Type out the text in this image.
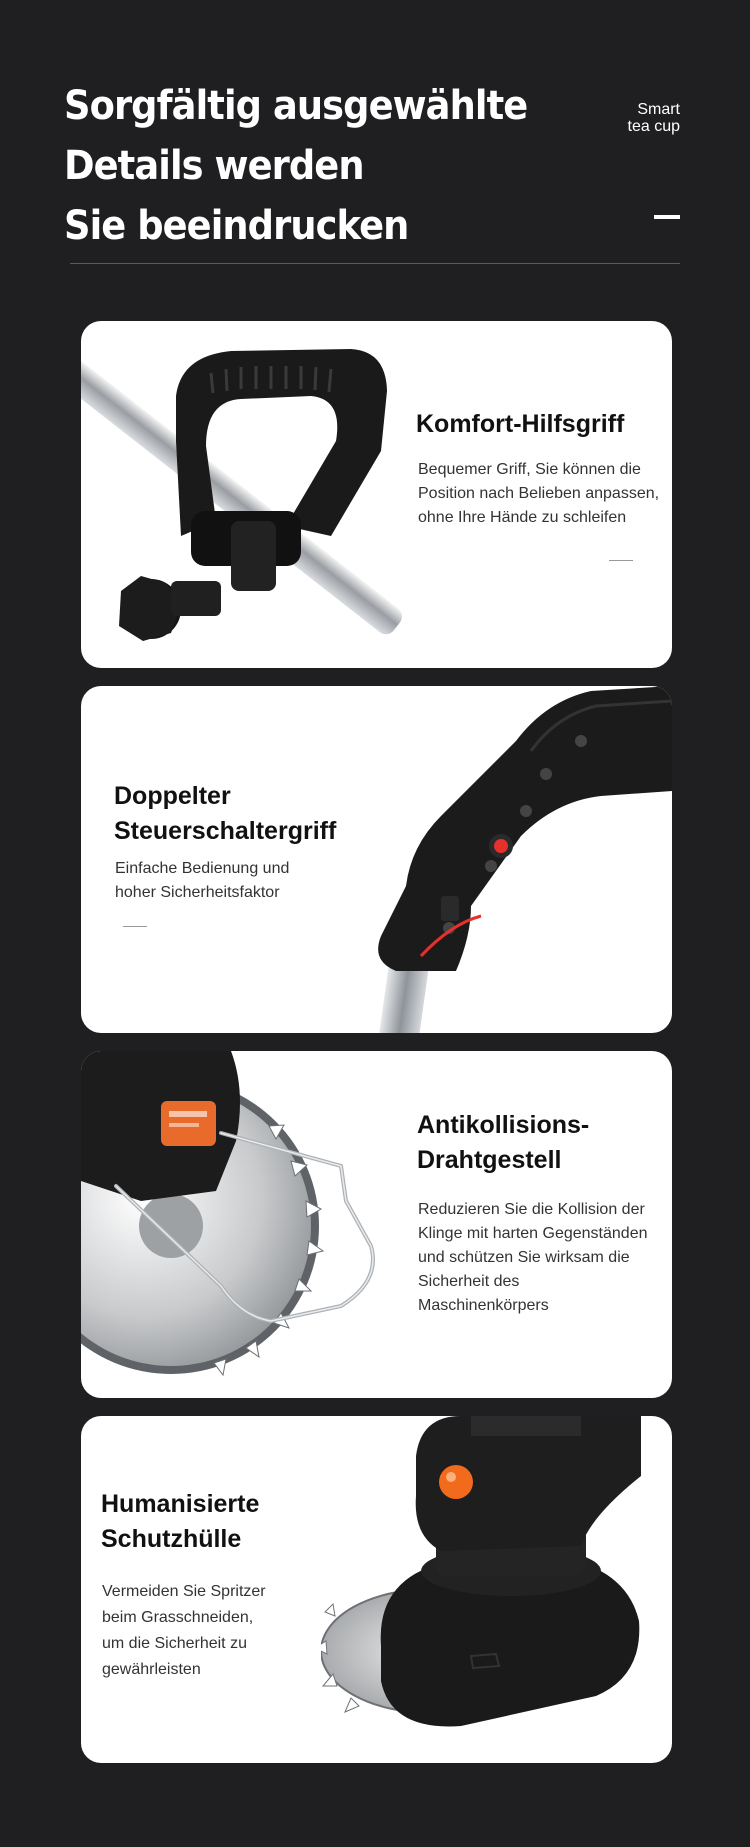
Sorgfältig ausgewählte
Details werden
Sie beeindrucken
Smart
tea cup
Komfort-Hilfsgriff

Bequemer Griff, Sie können die
Position nach Belieben anpassen,
ohne Ihre Hände zu schleifen

Doppelter
Steuerschaltergriff

Einfache Bedienung und
hoher Sicherheitsfaktor

Antikollisions-
Drahtgestell

Reduzieren Sie die Kollision der
Klinge mit harten Gegenständen
und schützen Sie wirksam die
Sicherheit des
Maschinenkörpers

Humanisierte
Schutzhülle

Vermeiden Sie Spritzer
beim Grasschneiden,
um die Sicherheit zu
gewährleisten
